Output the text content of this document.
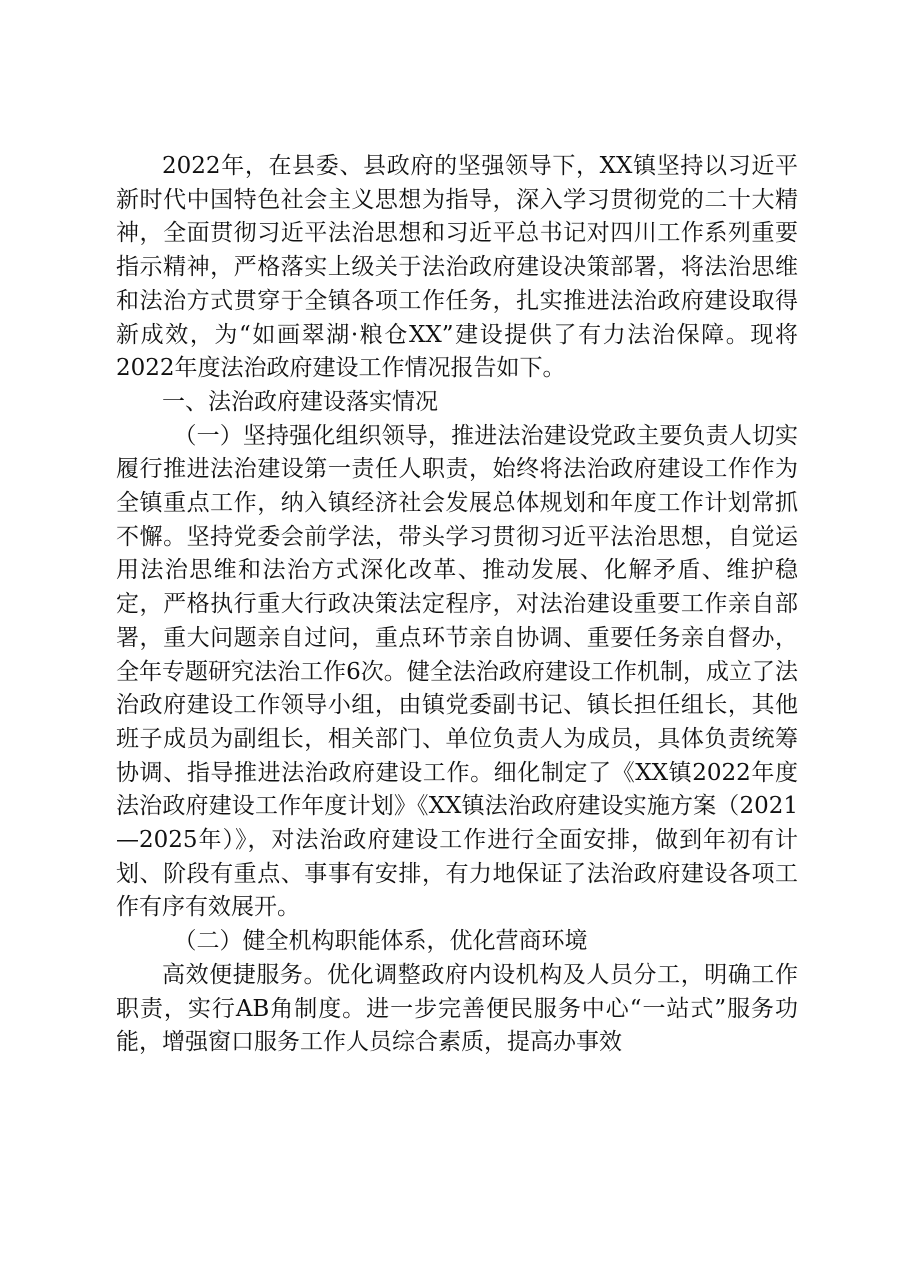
2022年，在县委、县政府的坚强领导下，XX镇坚持以习近平新时代中国特色社会主义思想为指导，深入学习贯彻党的二十大精神，全面贯彻习近平法治思想和习近平总书记对四川工作系列重要指示精神，严格落实上级关于法治政府建设决策部署，将法治思维和法治方式贯穿于全镇各项工作任务，扎实推进法治政府建设取得新成效，为“如画翠湖·粮仓XX”建设提供了有力法治保障。现将2022年度法治政府建设工作情况报告如下。

一、法治政府建设落实情况

（一）坚持强化组织领导，推进法治建设党政主要负责人切实履行推进法治建设第一责任人职责，始终将法治政府建设工作作为全镇重点工作，纳入镇经济社会发展总体规划和年度工作计划常抓不懈。坚持党委会前学法，带头学习贯彻习近平法治思想，自觉运用法治思维和法治方式深化改革、推动发展、化解矛盾、维护稳定，严格执行重大行政决策法定程序，对法治建设重要工作亲自部署，重大问题亲自过问，重点环节亲自协调、重要任务亲自督办，全年专题研究法治工作6次。健全法治政府建设工作机制，成立了法治政府建设工作领导小组，由镇党委副书记、镇长担任组长，其他班子成员为副组长，相关部门、单位负责人为成员，具体负责统筹协调、指导推进法治政府建设工作。细化制定了《XX镇2022年度法治政府建设工作年度计划》《XX镇法治政府建设实施方案（2021—2025年）》，对法治政府建设工作进行全面安排，做到年初有计划、阶段有重点、事事有安排，有力地保证了法治政府建设各项工作有序有效展开。

（二）健全机构职能体系，优化营商环境

高效便捷服务。优化调整政府内设机构及人员分工，明确工作职责，实行AB角制度。进一步完善便民服务中心“一站式”服务功能，增强窗口服务工作人员综合素质，提高办事效
